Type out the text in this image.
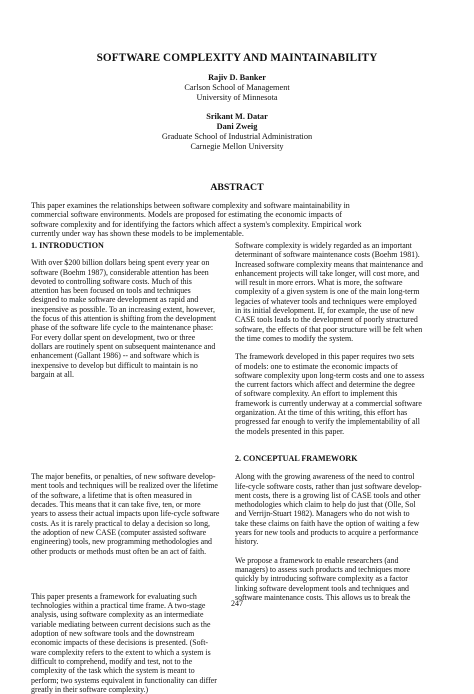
SOFTWARE COMPLEXITY AND MAINTAINABILITY
Rajiv D. Banker
Carlson School of Management
University of Minnesota
Srikant M. Datar
Dani Zweig
Graduate School of Industrial Administration
Carnegie Mellon University
ABSTRACT
This paper examines the relationships between software complexity and software maintainability in
commercial software environments. Models are proposed for estimating the economic impacts of
software complexity and for identifying the factors which affect a system's complexity. Empirical work
currently under way has shown these models to be implementable.
1. INTRODUCTION
With over $200 billion dollars being spent every year on
software (Boehm 1987), considerable attention has been
devoted to controlling software costs. Much of this
attention has been focused on tools and techniques
designed to make software development as rapid and
inexpensive as possible. To an increasing extent, however,
the focus of this attention is shifting from the development
phase of the software life cycle to the maintenance phase:
For every dollar spent on development, two or three
dollars are routinely spent on subsequent maintenance and
enhancement (Gallant 1986) -- and software which is
inexpensive to develop but difficult to maintain is no
bargain at all.
The major benefits, or penalties, of new software develop-
ment tools and techniques will be realized over the lifetime
of the software, a lifetime that is often measured in
decades. This means that it can take five, ten, or more
years to assess their actual impacts upon life-cycle software
costs. As it is rarely practical to delay a decision so long,
the adoption of new CASE (computer assisted software
engineering) tools, new programming methodologies and
other products or methods must often be an act of faith.
This paper presents a framework for evaluating such
technologies within a practical time frame. A two-stage
analysis, using software complexity as an intermediate
variable mediating between current decisions such as the
adoption of new software tools and the downstream
economic impacts of these decisions is presented. (Soft-
ware complexity refers to the extent to which a system is
difficult to comprehend, modify and test, not to the
complexity of the task which the system is meant to
perform; two systems equivalent in functionality can differ
greatly in their software complexity.)
Software complexity is widely regarded as an important
determinant of software maintenance costs (Boehm 1981).
Increased software complexity means that maintenance and
enhancement projects will take longer, will cost more, and
will result in more errors. What is more, the software
complexity of a given system is one of the main long-term
legacies of whatever tools and techniques were employed
in its initial development. If, for example, the use of new
CASE tools leads to the development of poorly structured
software, the effects of that poor structure will be felt when
the time comes to modify the system.
The framework developed in this paper requires two sets
of models: one to estimate the economic impacts of
software complexity upon long-term costs and one to assess
the current factors which affect and determine the degree
of software complexity. An effort to implement this
framework is currently underway at a commercial software
organization. At the time of this writing, this effort has
progressed far enough to verify the implementability of all
the models presented in this paper.
2. CONCEPTUAL FRAMEWORK
Along with the growing awareness of the need to control
life-cycle software costs, rather than just software develop-
ment costs, there is a growing list of CASE tools and other
methodologies which claim to help do just that (Olle, Sol
and Verrijn-Stuart 1982). Managers who do not wish to
take these claims on faith have the option of waiting a few
years for new tools and products to acquire a performance
history.
We propose a framework to enable researchers (and
managers) to assess such products and techniques more
quickly by introducing software complexity as a factor
linking software development tools and techniques and
software maintenance costs. This allows us to break the
247
